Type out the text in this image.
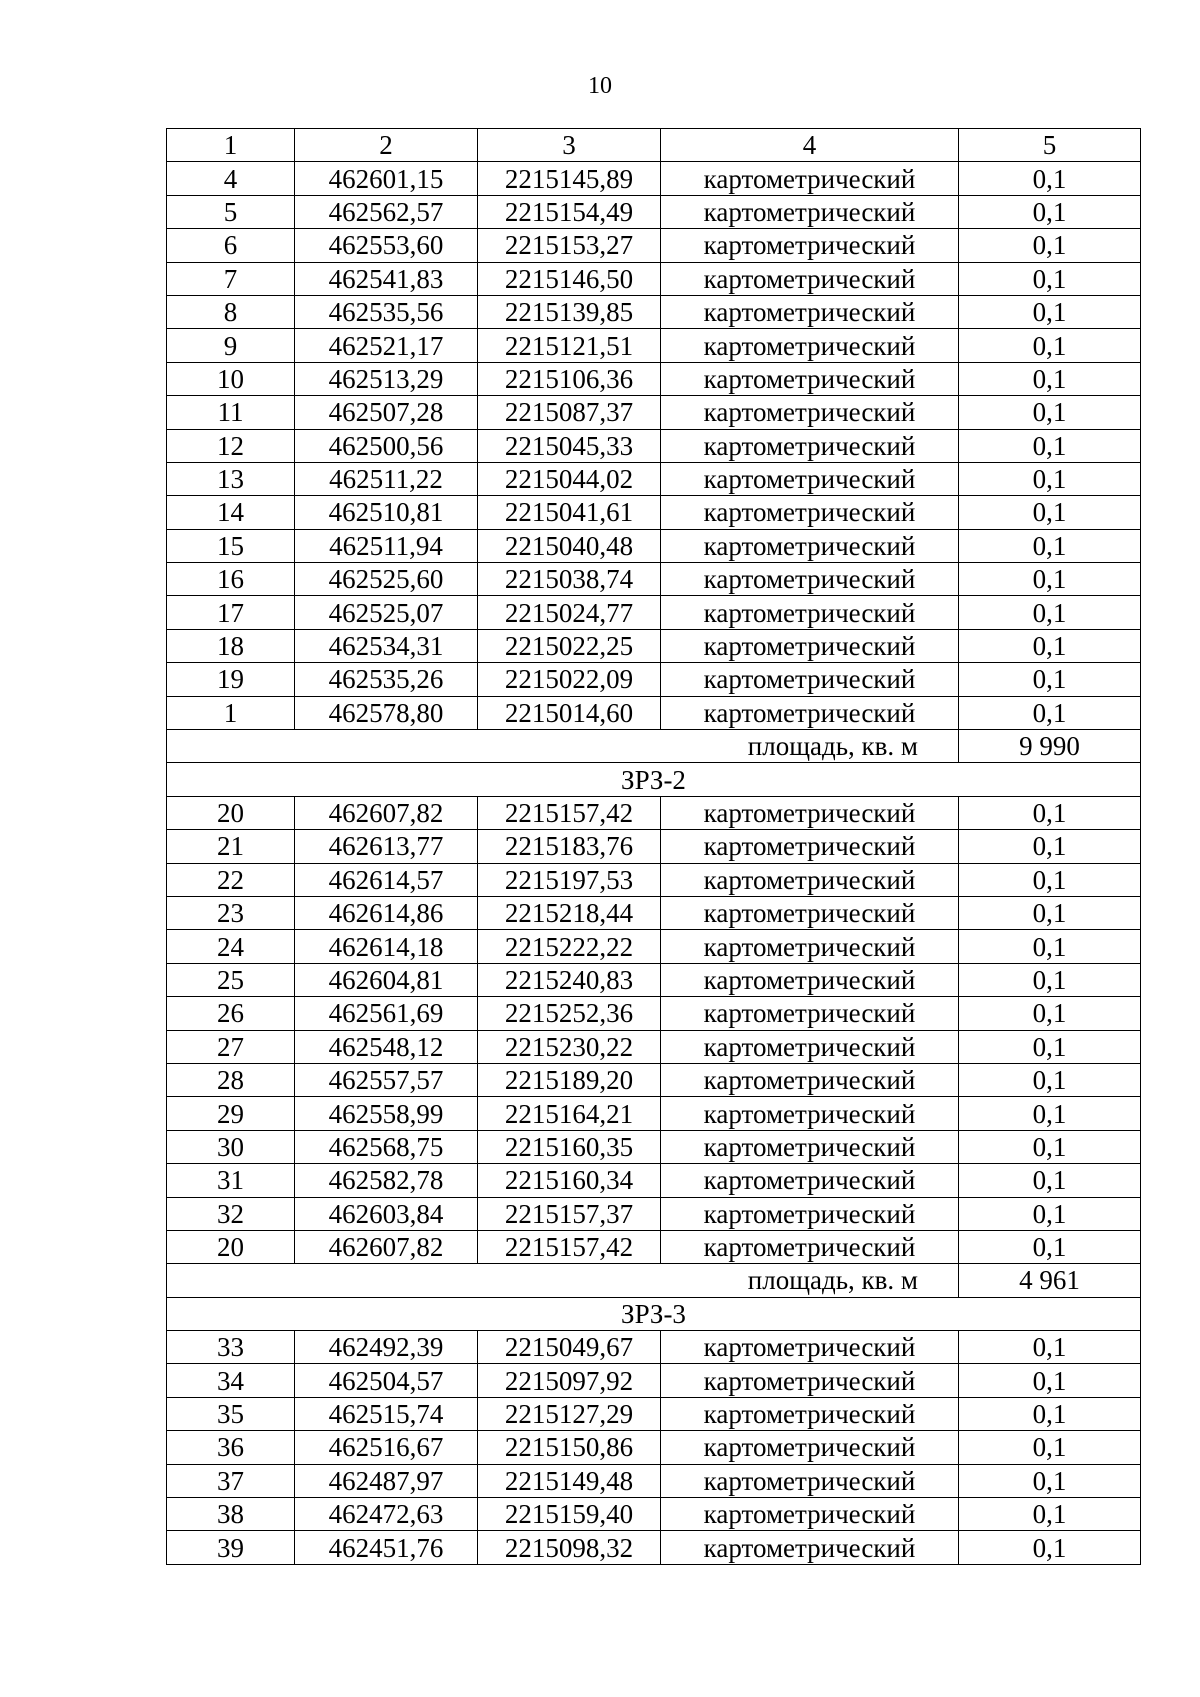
10
1	2	3	4	5
4	462601,15	2215145,89	картометрический	0,1
5	462562,57	2215154,49	картометрический	0,1
6	462553,60	2215153,27	картометрический	0,1
7	462541,83	2215146,50	картометрический	0,1
8	462535,56	2215139,85	картометрический	0,1
9	462521,17	2215121,51	картометрический	0,1
10	462513,29	2215106,36	картометрический	0,1
11	462507,28	2215087,37	картометрический	0,1
12	462500,56	2215045,33	картометрический	0,1
13	462511,22	2215044,02	картометрический	0,1
14	462510,81	2215041,61	картометрический	0,1
15	462511,94	2215040,48	картометрический	0,1
16	462525,60	2215038,74	картометрический	0,1
17	462525,07	2215024,77	картометрический	0,1
18	462534,31	2215022,25	картометрический	0,1
19	462535,26	2215022,09	картометрический	0,1
1	462578,80	2215014,60	картометрический	0,1
площадь, кв. м				9 990
ЗРЗ-2				
20	462607,82	2215157,42	картометрический	0,1
21	462613,77	2215183,76	картометрический	0,1
22	462614,57	2215197,53	картометрический	0,1
23	462614,86	2215218,44	картометрический	0,1
24	462614,18	2215222,22	картометрический	0,1
25	462604,81	2215240,83	картометрический	0,1
26	462561,69	2215252,36	картометрический	0,1
27	462548,12	2215230,22	картометрический	0,1
28	462557,57	2215189,20	картометрический	0,1
29	462558,99	2215164,21	картометрический	0,1
30	462568,75	2215160,35	картометрический	0,1
31	462582,78	2215160,34	картометрический	0,1
32	462603,84	2215157,37	картометрический	0,1
20	462607,82	2215157,42	картометрический	0,1
площадь, кв. м				4 961
ЗРЗ-3				
33	462492,39	2215049,67	картометрический	0,1
34	462504,57	2215097,92	картометрический	0,1
35	462515,74	2215127,29	картометрический	0,1
36	462516,67	2215150,86	картометрический	0,1
37	462487,97	2215149,48	картометрический	0,1
38	462472,63	2215159,40	картометрический	0,1
39	462451,76	2215098,32	картометрический	0,1
